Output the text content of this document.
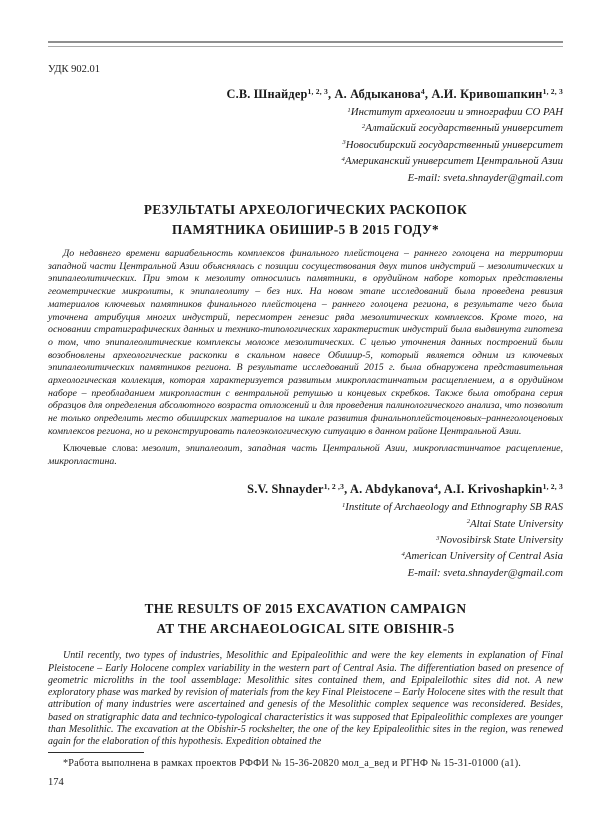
УДК 902.01
С.В. Шнайдер$^{1, 2, 3}$, А. Абдыканова$^4$, А.И. Кривошапкин$^{1, 2, 3}$
$^1$Институт археологии и этнографии СО РАН
$^2$Алтайский государственный университет
$^3$Новосибирский государственный университет
$^4$Американский университет Центральной Азии
E-mail: sveta.shnayder@gmail.com
РЕЗУЛЬТАТЫ АРХЕОЛОГИЧЕСКИХ РАСКОПОК
ПАМЯТНИКА ОБИШИР-5 В 2015 ГОДУ*

До недавнего времени вариабельность комплексов финального плейстоцена – раннего голоцена на территории западной части Центральной Азии объяснялась с позиции сосуществования двух типов индустрий – мезолитических и эпипалеолитических. При этом к мезолиту относились памятники, в орудийном наборе которых представлены геометрические микролиты, к эпипалеолиту – без них. На новом этапе исследований была проведена ревизия материалов ключевых памятников финального плейстоцена – раннего голоцена региона, в результате чего была уточнена атрибуция многих индустрий, пересмотрен генезис ряда мезолитических комплексов. Кроме того, на основании стратиграфических данных и технико-типологических характеристик индустрий была выдвинута гипотеза о том, что эпипалеолитические комплексы моложе мезолитических. С целью уточнения данных построений были возобновлены археологические раскопки в скальном навесе Обишир-5, который является одним из ключевых эпипалеолитических памятников региона. В результате исследований 2015 г. была обнаружена представительная археологическая коллекция, которая характеризуется развитым микропластинчатым расщеплением, а в орудийном наборе – преобладанием микропластин с вентральной ретушью и концевых скребков. Также была отобрана серия образцов для определения абсолютного возраста отложений и для проведения палинологического анализа, что позволит не только определить место обиширских материалов на шкале развития финальноплейстоценовых–раннеголоценовых комплексов региона, но и реконструировать палеоэкологическую ситуацию в данном районе Центральной Азии.

Ключевые слова: мезолит, эпипалеолит, западная часть Центральной Азии, микропластинчатое расщепление, микропластина.

S.V. Shnayder$^{1, 2 ,3}$, A. Abdykanova$^4$, A.I. Krivoshapkin$^{1, 2, 3}$
$^1$Institute of Archaeology and Ethnography SB RAS
$^2$Altai State University
$^3$Novosibirsk State University
$^4$American University of Central Asia
E-mail: sveta.shnayder@gmail.com
THE RESULTS OF 2015 EXCAVATION CAMPAIGN
AT THE ARCHAEOLOGICAL SITE OBISHIR-5

Until recently, two types of industries, Mesolithic and Epipaleolithic and were the key elements in explanation of Final Pleistocene – Early Holocene complex variability in the western part of Central Asia. The differentiation based on presence of geometric microliths in the tool assemblage: Mesolithic sites contained them, and Epipaleilothic sites did not. A new exploratory phase was marked by revision of materials from the key Final Pleistocene – Early Holocene sites with the result that attribution of many industries were ascertained and genesis of the Mesolithic complex sequence was reconsidered. Besides, based on stratigraphic data and technico-typological characteristics it was supposed that Epipaleolithic complexes are younger than Mesolithic. The excavation at the Obishir-5 rockshelter, the one of the key Epipaleolithic sites in the region, was renewed again for the elaboration of this hypothesis. Expedition obtained the

*Работа выполнена в рамках проектов РФФИ № 15-36-20820 мол_а_вед и РГНФ № 15-31-01000 (а1).

174
